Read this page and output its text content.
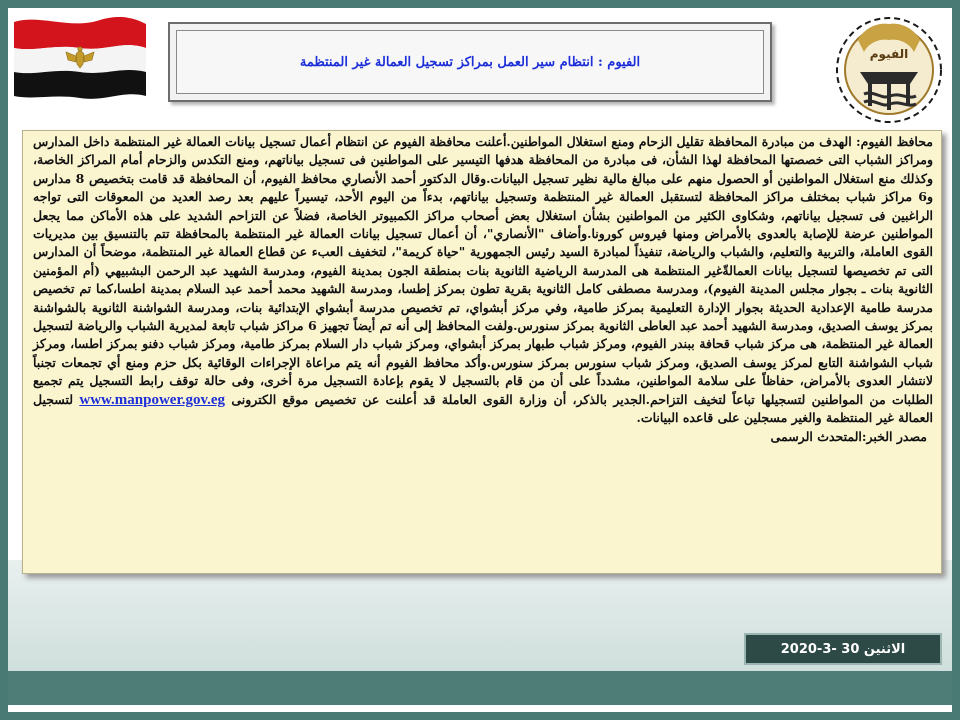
الفيوم
الفيوم : انتظام سير العمل بمراكز تسجيل العمالة غير المنتظمة
محافظ الفيوم: الهدف من مبادرة المحافظة تقليل الزحام ومنع استغلال المواطنين.أعلنت محافظة الفيوم عن انتظام أعمال تسجيل بيانات العمالة غير المنتظمة داخل المدارس ومراكز الشباب التى خصصتها المحافظة لهذا الشأن، فى مبادرة من المحافظة هدفها التيسير على المواطنين فى تسجيل بياناتهم، ومنع التكدس والزحام أمام المراكز الخاصة، وكذلك منع استغلال المواطنين أو الحصول منهم على مبالغ مالية نظير تسجيل البيانات.وقال الدكتور أحمد الأنصاري محافظ الفيوم، أن المحافظة قد قامت بتخصيص 8 مدارس و6 مراكز شباب بمختلف مراكز المحافظة لتستقبل العمالة غير المنتظمة وتسجيل بياناتهم، بدءاً من اليوم الأحد، تيسيراً عليهم بعد رصد العديد من المعوقات التى تواجه الراغبين فى تسجيل بياناتهم، وشكاوى الكثير من المواطنين بشأن استغلال بعض أصحاب مراكز الكمبيوتر الخاصة، فضلاً عن التزاحم الشديد على هذه الأماكن مما يجعل المواطنين عرضة للإصابة بالعدوى بالأمراض ومنها فيروس كورونا.وأضاف "الأنصاري"، أن أعمال تسجيل بيانات العمالة غير المنتظمة بالمحافظة تتم بالتنسيق بين مديريات القوى العاملة، والتربية والتعليم، والشباب والرياضة، تنفيذاً لمبادرة السيد رئيس الجمهورية "حياة كريمة"، لتخفيف العبء عن قطاع العمالة غير المنتظمة، موضحاً أن المدارس التى تم تخصيصها لتسجيل بيانات العمالةّغير المنتظمة هى المدرسة الرياضية الثانوية بنات بمنطقة الجون بمدينة الفيوم، ومدرسة الشهيد عبد الرحمن البشبيهي (أم المؤمنين الثانوية بنات ـ بجوار مجلس المدينة الفيوم)، ومدرسة مصطفى كامل الثانوية بقرية تطون بمركز إطسا، ومدرسة الشهيد محمد أحمد عبد السلام بمدينة اطسا،كما تم تخصيص مدرسة طامية الإعدادية الحديثة بجوار الإدارة التعليمية بمركز طامية، وفي مركز أبشواي، تم تخصيص مدرسة أبشواي الإبتدائية بنات، ومدرسة الشواشنة الثانوية بالشواشنة بمركز يوسف الصديق، ومدرسة الشهيد أحمد عبد العاطى الثانوية بمركز سنورس.ولفت المحافظ إلى أنه تم أيضاً تجهيز 6 مراكز شباب تابعة لمديرية الشباب والرياضة لتسجيل العمالة غير المنتظمة، هى مركز شباب قحافة ببندر الفيوم، ومركز شباب طبهار بمركز أبشواي، ومركز شباب دار السلام بمركز طامية، ومركز شباب دفنو بمركز اطسا، ومركز شباب الشواشنة التابع لمركز يوسف الصديق، ومركز شباب سنورس بمركز سنورس.وأكد محافظ الفيوم أنه يتم مراعاة الإجراءات الوقائية بكل حزم ومنع أي تجمعات تجنباً لانتشار العدوى بالأمراض، حفاظاً على سلامة المواطنين، مشدداً على أن من قام بالتسجيل لا يقوم بإعادة التسجيل مرة أخرى، وفى حالة توقف رابط التسجيل يتم تجميع الطلبات من المواطنين لتسجيلها تباعاً لتخيف التزاحم.الجدير بالذكر، أن وزارة القوى العاملة قد أعلنت عن تخصيص موقع الكترونى www.manpower.gov.eg لتسجيل العمالة غير المنتظمة والغير مسجلين على قاعده البيانات.
مصدر الخبر:المتحدث الرسمى
الاثنين 30 -3-2020
